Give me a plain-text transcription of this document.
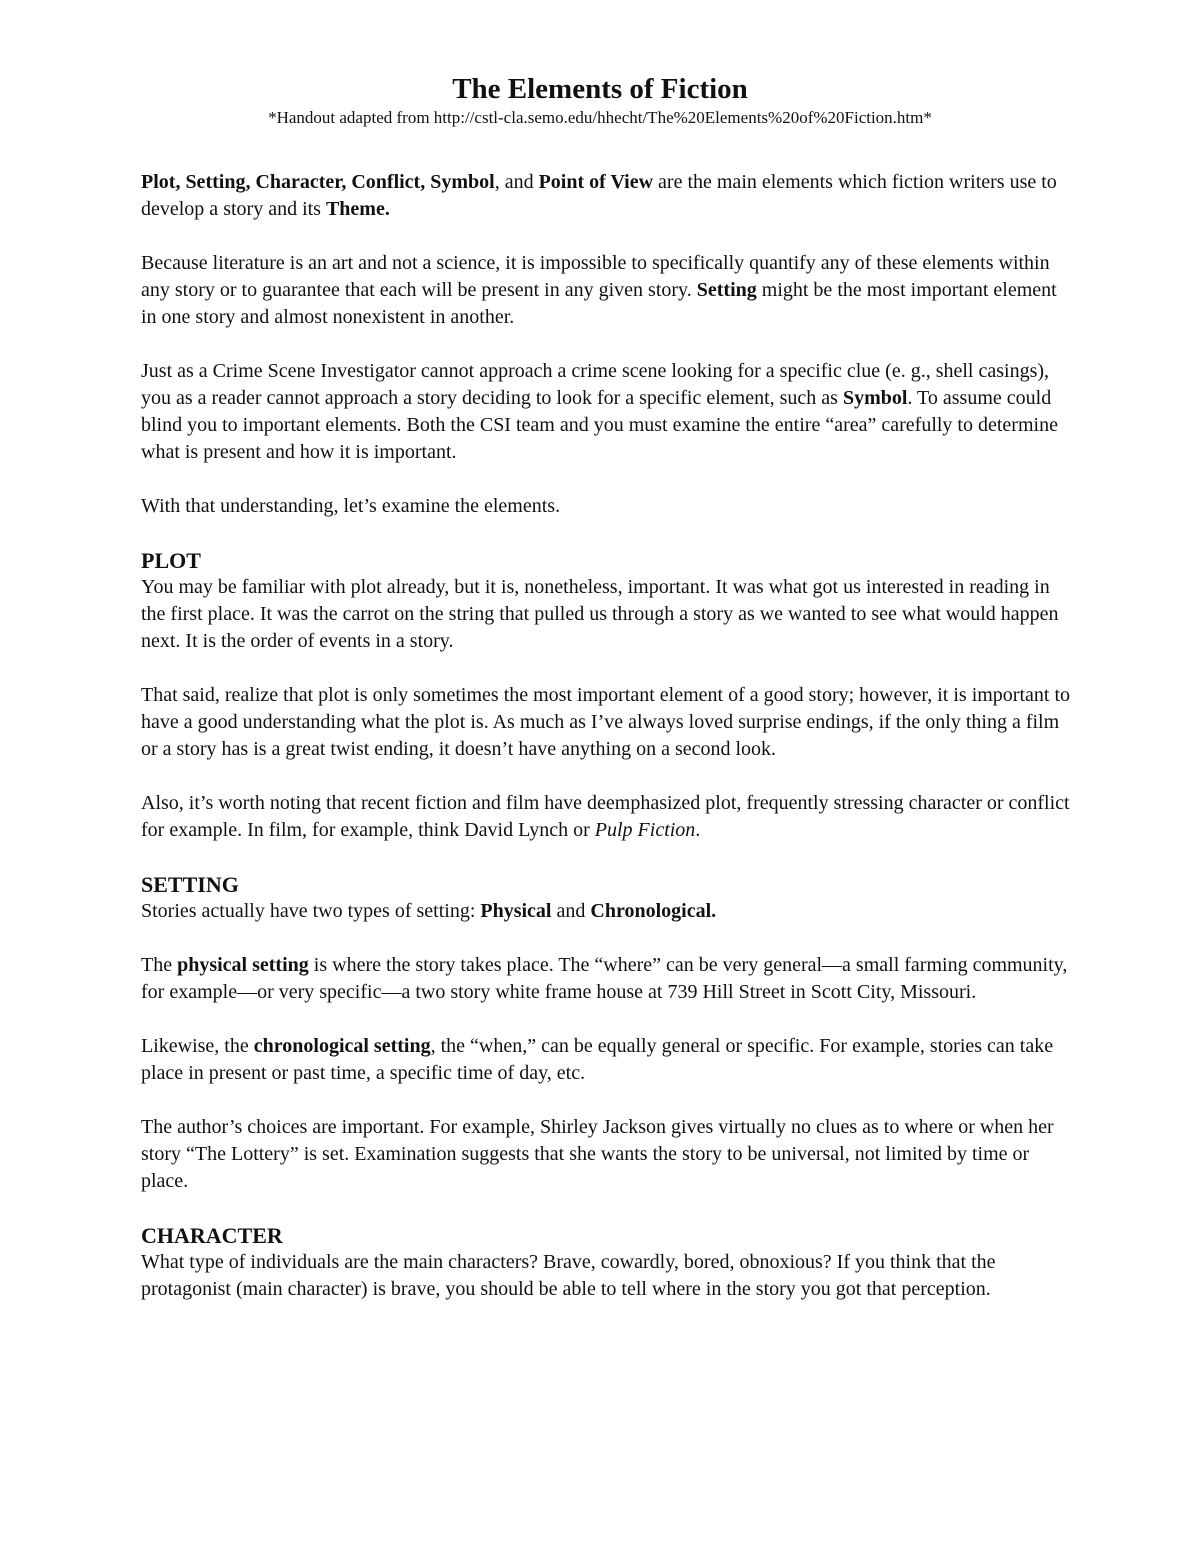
The Elements of Fiction
*Handout adapted from http://cstl-cla.semo.edu/hhecht/The%20Elements%20of%20Fiction.htm*

Plot, Setting, Character, Conflict, Symbol, and Point of View are the main elements which fiction writers use to develop a story and its Theme.

Because literature is an art and not a science, it is impossible to specifically quantify any of these elements within any story or to guarantee that each will be present in any given story. Setting might be the most important element in one story and almost nonexistent in another.

Just as a Crime Scene Investigator cannot approach a crime scene looking for a specific clue (e. g., shell casings), you as a reader cannot approach a story deciding to look for a specific element, such as Symbol. To assume could blind you to important elements. Both the CSI team and you must examine the entire “area” carefully to determine what is present and how it is important.

With that understanding, let’s examine the elements.

PLOT

You may be familiar with plot already, but it is, nonetheless, important. It was what got us interested in reading in the first place. It was the carrot on the string that pulled us through a story as we wanted to see what would happen next. It is the order of events in a story.

That said, realize that plot is only sometimes the most important element of a good story; however, it is important to have a good understanding what the plot is. As much as I’ve always loved surprise endings, if the only thing a film or a story has is a great twist ending, it doesn’t have anything on a second look.

Also, it’s worth noting that recent fiction and film have deemphasized plot, frequently stressing character or conflict for example. In film, for example, think David Lynch or Pulp Fiction.

SETTING

Stories actually have two types of setting: Physical and Chronological.

The physical setting is where the story takes place. The “where” can be very general—a small farming community, for example—or very specific—a two story white frame house at 739 Hill Street in Scott City, Missouri.

Likewise, the chronological setting, the “when,” can be equally general or specific. For example, stories can take place in present or past time, a specific time of day, etc.

The author’s choices are important. For example, Shirley Jackson gives virtually no clues as to where or when her story “The Lottery” is set. Examination suggests that she wants the story to be universal, not limited by time or place.

CHARACTER

What type of individuals are the main characters? Brave, cowardly, bored, obnoxious? If you think that the protagonist (main character) is brave, you should be able to tell where in the story you got that perception.
